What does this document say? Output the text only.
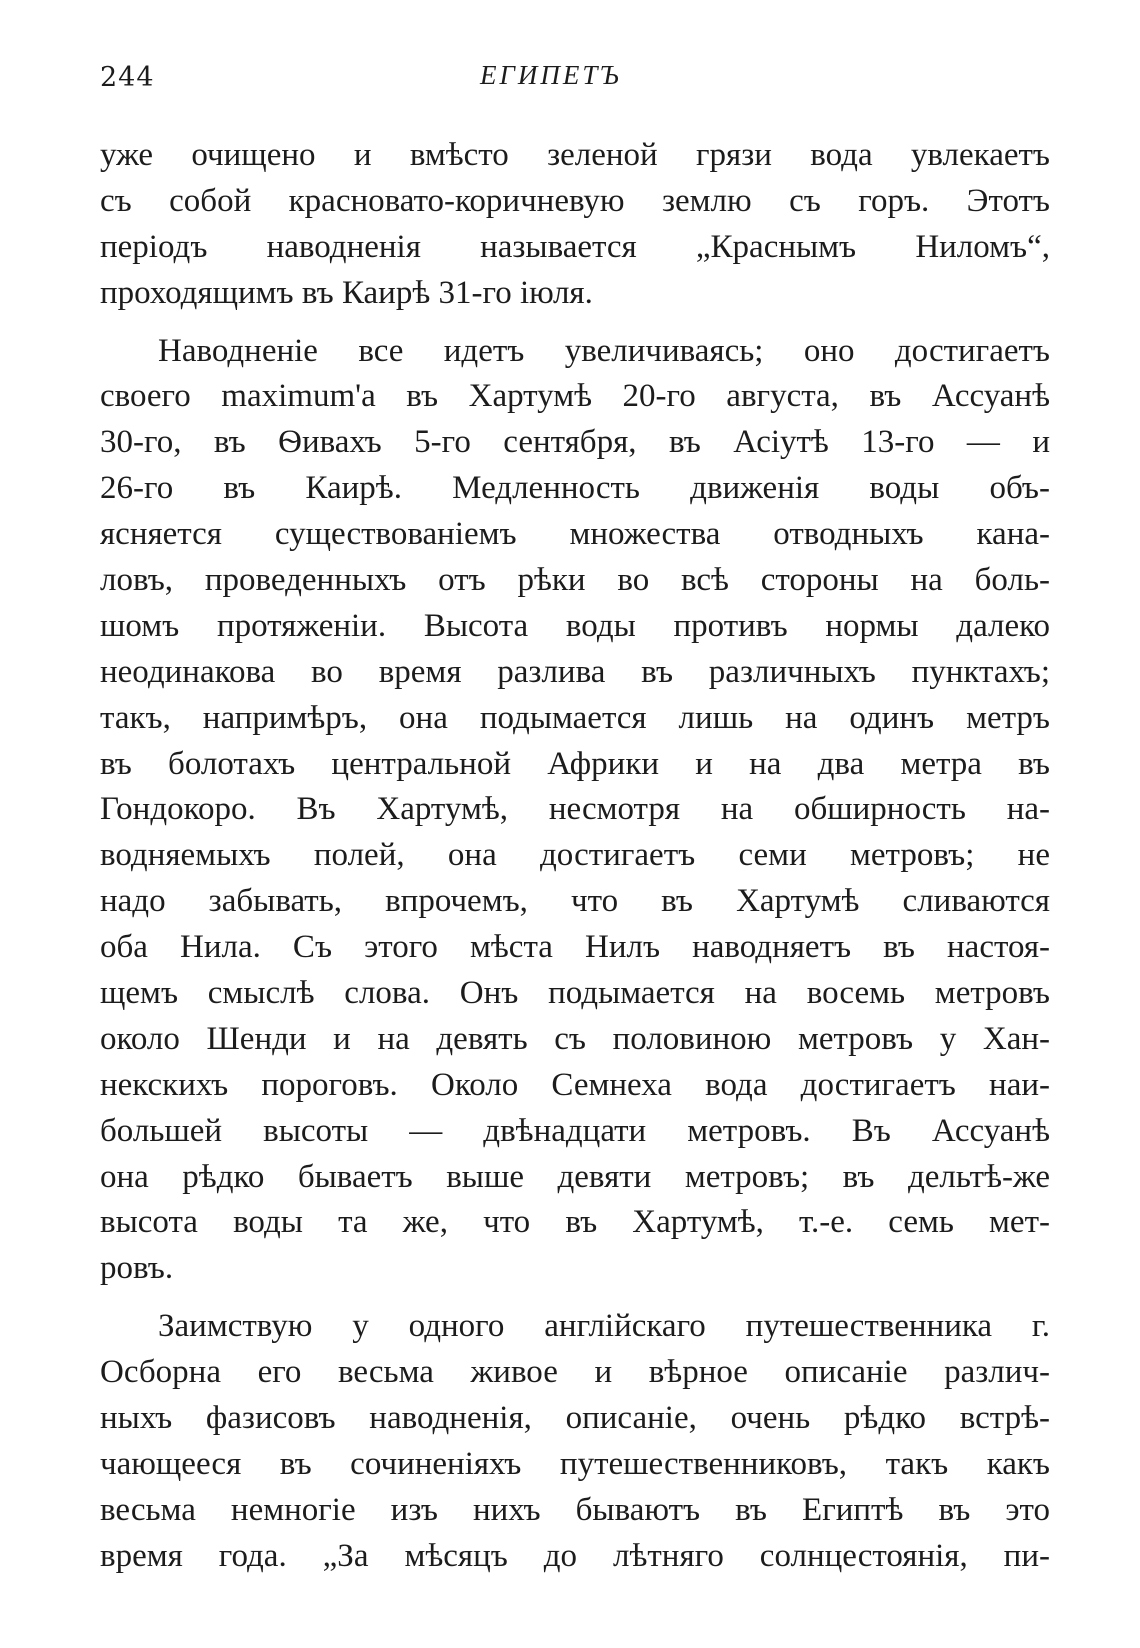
244	ЕГИПЕТЪ
уже очищено и вмѣсто зеленой грязи вода увлекаетъ
съ собой красновато-коричневую землю съ горъ. Этотъ
періодъ наводненія называется „Краснымъ Ниломъ“,
проходящимъ въ Каирѣ 31-го іюля.
Наводненіе все идетъ увеличиваясь; оно достигаетъ
своего maximum'а въ Хартумѣ 20-го августа, въ Ассуанѣ
30-го, въ Ѳивахъ 5-го сентября, въ Асіутѣ 13-го — и
26-го въ Каирѣ. Медленность движенія воды объ-
ясняется существованіемъ множества отводныхъ кана-
ловъ, проведенныхъ отъ рѣки во всѣ стороны на боль-
шомъ протяженіи. Высота воды противъ нормы далеко
неодинакова во время разлива въ различныхъ пунктахъ;
такъ, напримѣръ, она подымается лишь на одинъ метръ
въ болотахъ центральной Африки и на два метра въ
Гондокоро. Въ Хартумѣ, несмотря на обширность на-
водняемыхъ полей, она достигаетъ семи метровъ; не
надо забывать, впрочемъ, что въ Хартумѣ сливаются
оба Нила. Съ этого мѣста Нилъ наводняетъ въ настоя-
щемъ смыслѣ слова. Онъ подымается на восемь метровъ
около Шенди и на девять съ половиною метровъ у Хан-
некскихъ пороговъ. Около Семнеха вода достигаетъ наи-
большей высоты — двѣнадцати метровъ. Въ Ассуанѣ
она рѣдко бываетъ выше девяти метровъ; въ дельтѣ-же
высота воды та же, что въ Хартумѣ, т.-е. семь мет-
ровъ.
Заимствую у одного англійскаго путешественника г.
Осборна его весьма живое и вѣрное описаніе различ-
ныхъ фазисовъ наводненія, описаніе, очень рѣдко встрѣ-
чающееся въ сочиненіяхъ путешественниковъ, такъ какъ
весьма немногіе изъ нихъ бываютъ въ Египтѣ въ это
время года. „За мѣсяцъ до лѣтняго солнцестоянія, пи-
